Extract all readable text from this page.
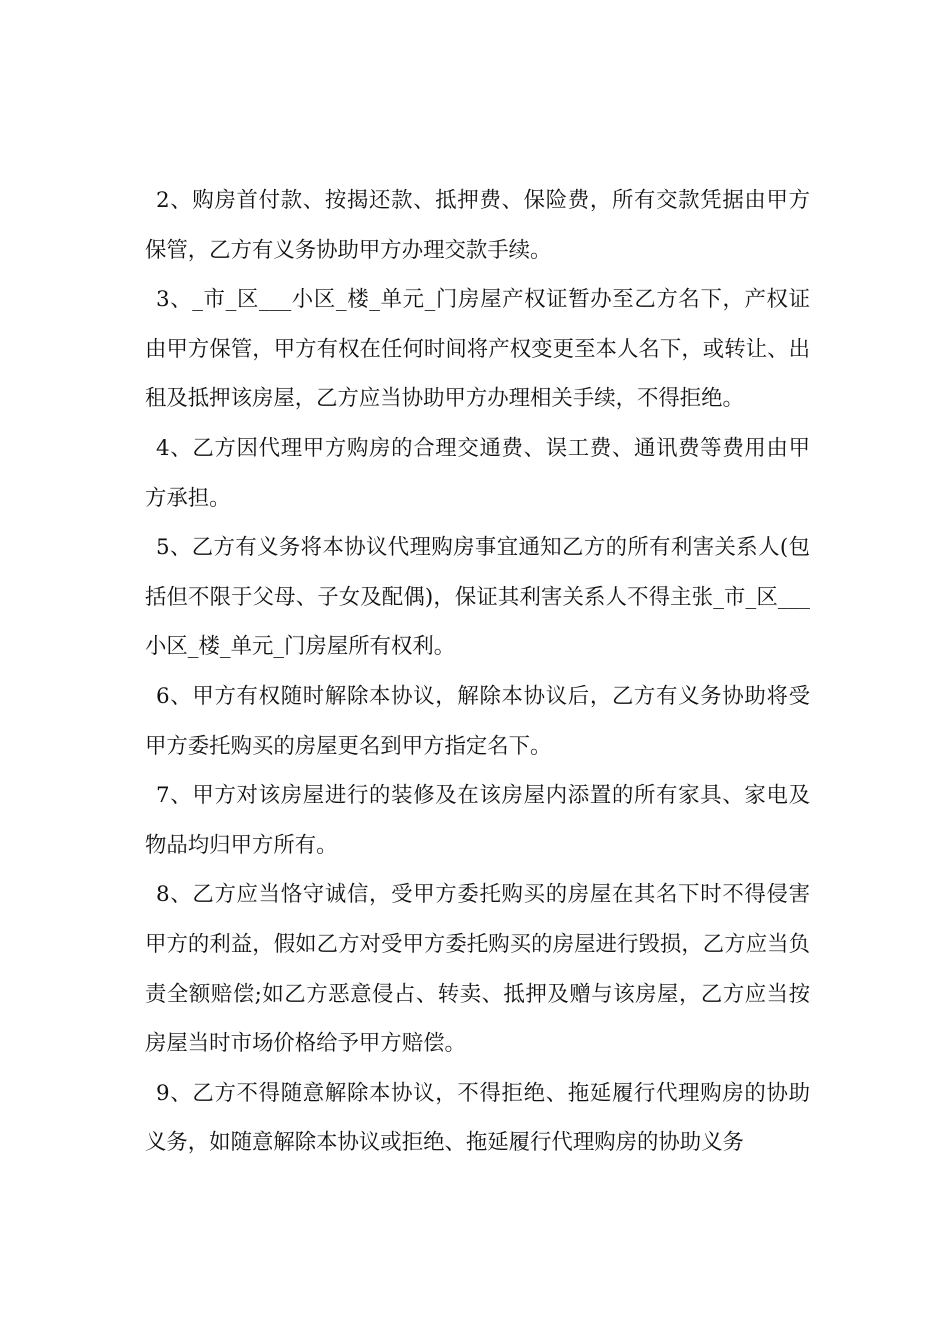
2、购房首付款、按揭还款、抵押费、保险费，所有交款凭据由甲方保管，乙方有义务协助甲方办理交款手续。

3、_市_区___小区_楼_单元_门房屋产权证暂办至乙方名下，产权证由甲方保管，甲方有权在任何时间将产权变更至本人名下，或转让、出租及抵押该房屋，乙方应当协助甲方办理相关手续，不得拒绝。

4、乙方因代理甲方购房的合理交通费、误工费、通讯费等费用由甲方承担。

5、乙方有义务将本协议代理购房事宜通知乙方的所有利害关系人(包括但不限于父母、子女及配偶)，保证其利害关系人不得主张_市_区___小区_楼_单元_门房屋所有权利。

6、甲方有权随时解除本协议，解除本协议后，乙方有义务协助将受甲方委托购买的房屋更名到甲方指定名下。

7、甲方对该房屋进行的装修及在该房屋内添置的所有家具、家电及物品均归甲方所有。

8、乙方应当恪守诚信，受甲方委托购买的房屋在其名下时不得侵害甲方的利益，假如乙方对受甲方委托购买的房屋进行毁损，乙方应当负责全额赔偿;如乙方恶意侵占、转卖、抵押及赠与该房屋，乙方应当按房屋当时市场价格给予甲方赔偿。

9、乙方不得随意解除本协议，不得拒绝、拖延履行代理购房的协助义务，如随意解除本协议或拒绝、拖延履行代理购房的协助义务
